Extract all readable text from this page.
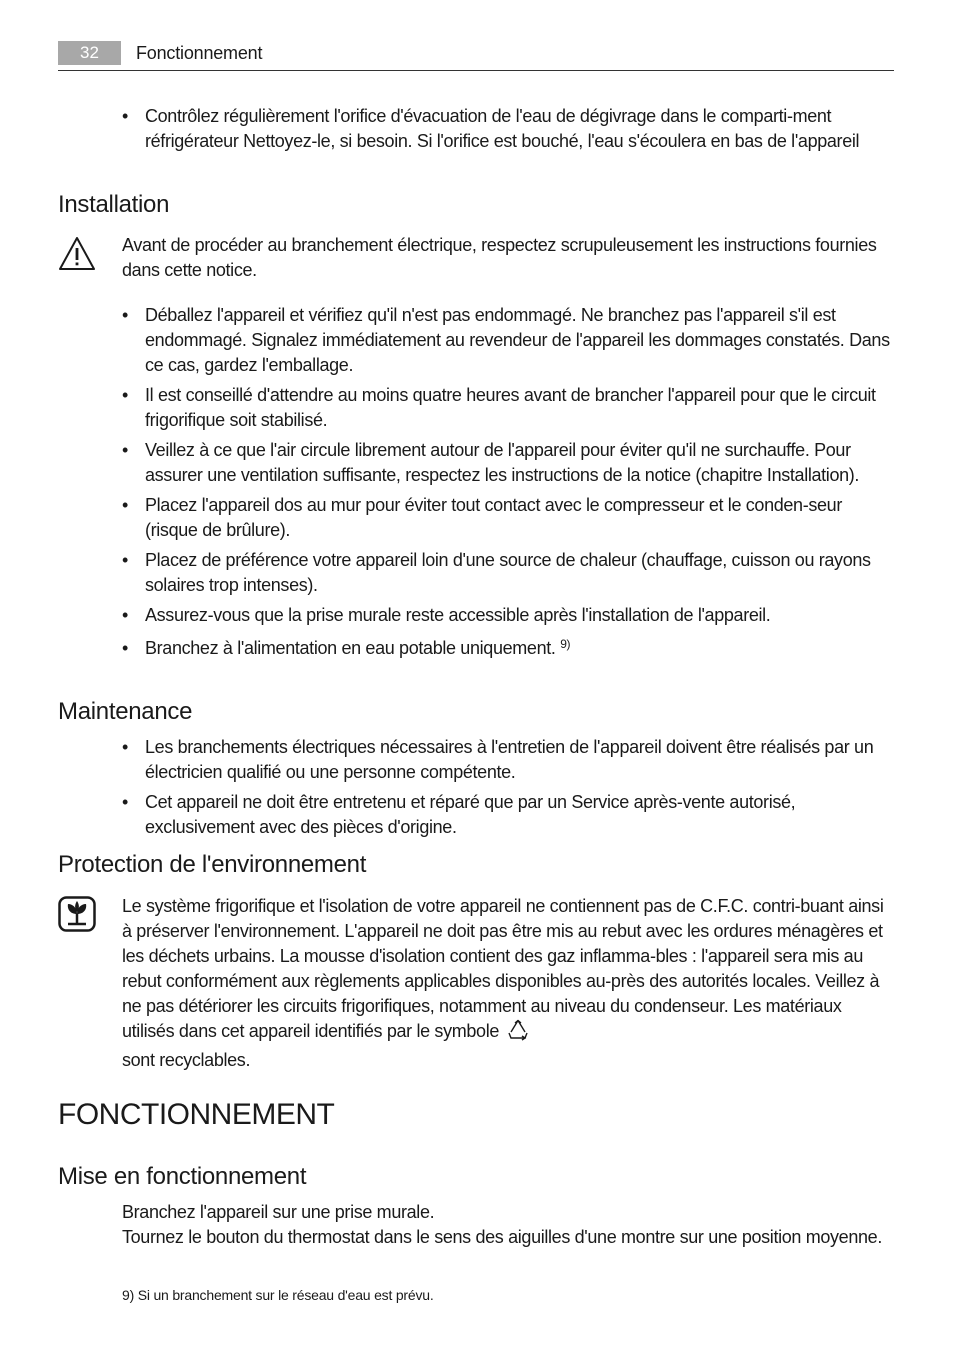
32	Fonctionnement
• Contrôlez régulièrement l'orifice d'évacuation de l'eau de dégivrage dans le comparti-ment réfrigérateur Nettoyez-le, si besoin. Si l'orifice est bouché, l'eau s'écoulera en bas de l'appareil
Installation

Avant de procéder au branchement électrique, respectez scrupuleusement les instructions fournies dans cette notice.

• Déballez l'appareil et vérifiez qu'il n'est pas endommagé. Ne branchez pas l'appareil s'il est endommagé. Signalez immédiatement au revendeur de l'appareil les dommages constatés. Dans ce cas, gardez l'emballage.
• Il est conseillé d'attendre au moins quatre heures avant de brancher l'appareil pour que le circuit frigorifique soit stabilisé.
• Veillez à ce que l'air circule librement autour de l'appareil pour éviter qu'il ne surchauffe. Pour assurer une ventilation suffisante, respectez les instructions de la notice (chapitre Installation).
• Placez l'appareil dos au mur pour éviter tout contact avec le compresseur et le conden-seur (risque de brûlure).
• Placez de préférence votre appareil loin d'une source de chaleur (chauffage, cuisson ou rayons solaires trop intenses).
• Assurez-vous que la prise murale reste accessible après l'installation de l'appareil.
• Branchez à l'alimentation en eau potable uniquement. $^{9)}$
Maintenance
• Les branchements électriques nécessaires à l'entretien de l'appareil doivent être réalisés par un électricien qualifié ou une personne compétente.
• Cet appareil ne doit être entretenu et réparé que par un Service après-vente autorisé, exclusivement avec des pièces d'origine.
Protection de l'environnement

Le système frigorifique et l'isolation de votre appareil ne contiennent pas de C.F.C. contri-buant ainsi à préserver l'environnement. L'appareil ne doit pas être mis au rebut avec les ordures ménagères et les déchets urbains. La mousse d'isolation contient des gaz inflamma-bles : l'appareil sera mis au rebut conformément aux règlements applicables disponibles au-près des autorités locales. Veillez à ne pas détériorer les circuits frigorifiques, notamment au niveau du condenseur. Les matériaux utilisés dans cet appareil identifiés par le symbole
sont recyclables.

FONCTIONNEMENT
Mise en fonctionnement

Branchez l'appareil sur une prise murale.
Tournez le bouton du thermostat dans le sens des aiguilles d'une montre sur une position moyenne.

9) Si un branchement sur le réseau d'eau est prévu.
